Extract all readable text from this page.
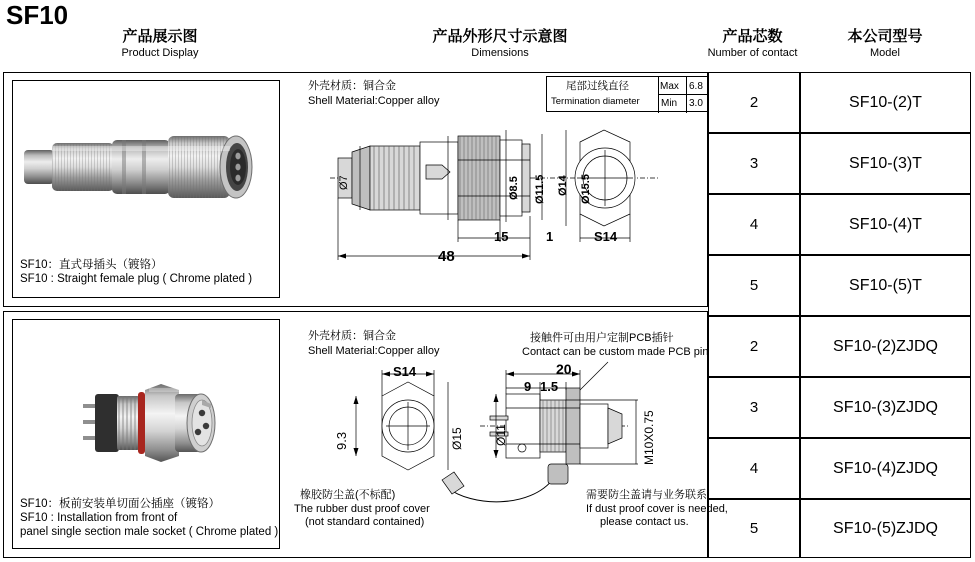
SF10
产品展示图
Product Display
产品外形尺寸示意图
Dimensions
产品芯数
Number of contact
本公司型号
Model
SF10：直式母插头（镀铬）
SF10 : Straight female plug ( Chrome plated )
SF10：板前安装单切面公插座（镀铬）
SF10 : Installation from front of
panel single section male socket ( Chrome plated )
外壳材质：铜合金
Shell Material:Copper alloy
尾部过线直径
Termination diameter
Max 6.8
Min 3.0
Ø7	Ø8.5 Ø11.5 Ø14 Ø15.5
15	1
48
S14
外壳材质：铜合金
Shell Material:Copper alloy
接触件可由用户定制PCB插针
Contact can be custom made PCB pin
S14
9.3	Ø15	Ø11
20
9 1.5
M10X0.75
橡胶防尘盖(不标配)
The rubber dust proof cover
(not standard contained)
需要防尘盖请与业务联系
If dust proof cover is needed,
please contact us.
2	SF10-(2)T
3	SF10-(3)T
4	SF10-(4)T
5	SF10-(5)T
2	SF10-(2)ZJDQ
3	SF10-(3)ZJDQ
4	SF10-(4)ZJDQ
5	SF10-(5)ZJDQ
